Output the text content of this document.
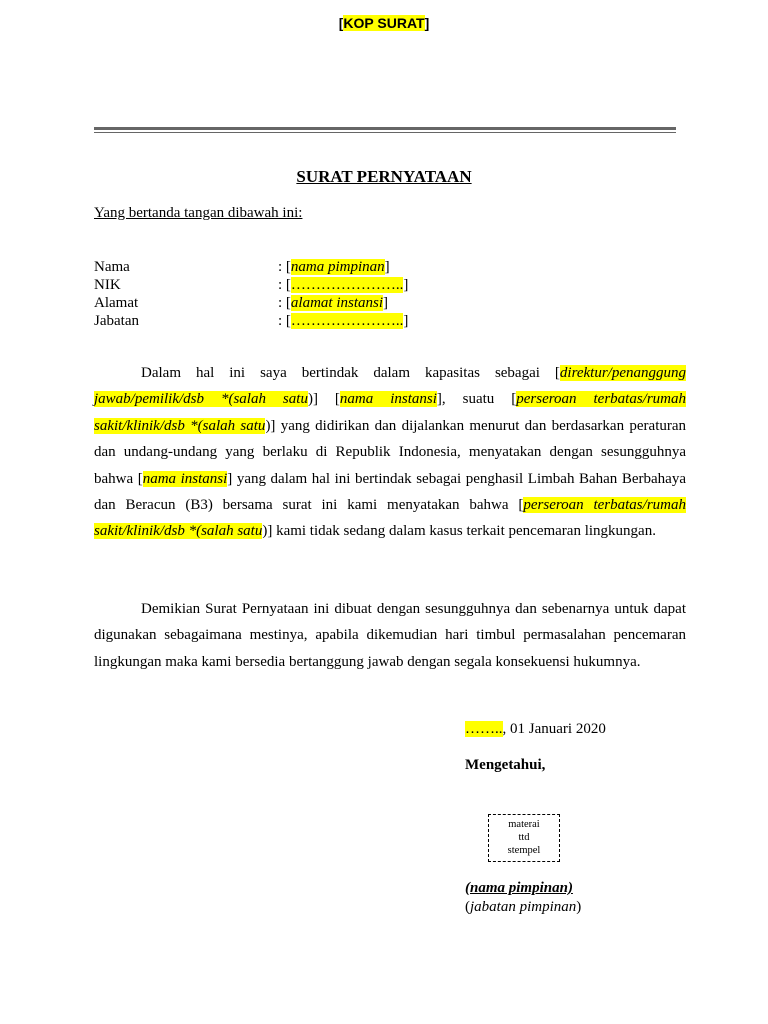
[KOP SURAT]
SURAT PERNYATAAN
Yang bertanda tangan dibawah ini:
Nama	: [nama pimpinan]
NIK	: […………………..]
Alamat	: [alamat instansi]
Jabatan	: […………………..]
Dalam hal ini saya bertindak dalam kapasitas sebagai [direktur/penanggung jawab/pemilik/dsb *(salah satu)] [nama instansi], suatu [perseroan terbatas/rumah sakit/klinik/dsb *(salah satu)] yang didirikan dan dijalankan menurut dan berdasarkan peraturan dan undang-undang yang berlaku di Republik Indonesia, menyatakan dengan sesungguhnya bahwa [nama instansi] yang dalam hal ini bertindak sebagai penghasil Limbah Bahan Berbahaya dan Beracun (B3) bersama surat ini kami menyatakan bahwa [perseroan terbatas/rumah sakit/klinik/dsb *(salah satu)] kami tidak sedang dalam kasus terkait pencemaran lingkungan.
Demikian Surat Pernyataan ini dibuat dengan sesungguhnya dan sebenarnya untuk dapat digunakan sebagaimana mestinya, apabila dikemudian hari timbul permasalahan pencemaran lingkungan maka kami bersedia bertanggung jawab dengan segala konsekuensi hukumnya.
…….., 01 Januari 2020
Mengetahui,
materai
ttd
stempel
(nama pimpinan)
(jabatan pimpinan)
